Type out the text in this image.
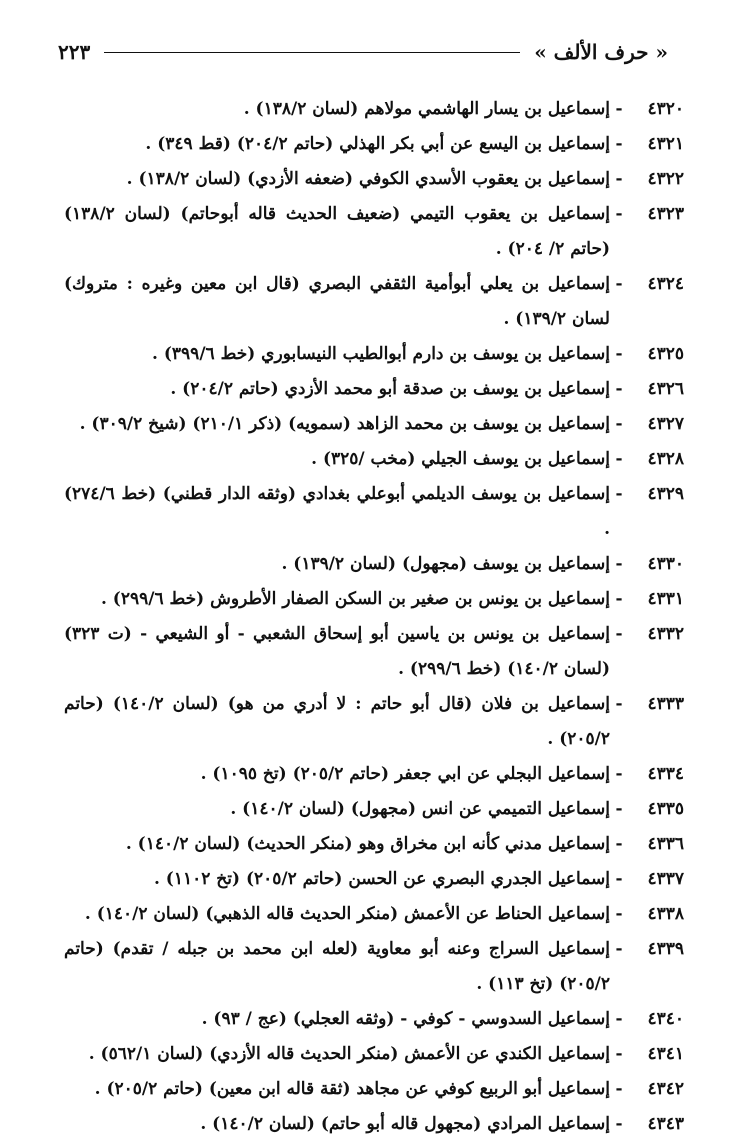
« حرف الألف »
٢٢٣
٤٣٢٠
-
إسماعيل بن يسار الهاشمي مولاهم (لسان ١٣٨/٢) .
٤٣٢١
-
إسماعيل بن اليسع عن أبي بكر الهذلي (حاتم ٢٠٤/٢) (قط ٣٤٩) .
٤٣٢٢
-
إسماعيل بن يعقوب الأسدي الكوفي (ضعفه الأزدي) (لسان ١٣٨/٢) .
٤٣٢٣
-
إسماعيل بن يعقوب التيمي (ضعيف الحديث قاله أبوحاتم) (لسان ١٣٨/٢) (حاتم ٢/ ٢٠٤) .
٤٣٢٤
-
إسماعيل بن يعلي أبوأمية الثقفي البصري (قال ابن معين وغيره : متروك) لسان ١٣٩/٢) .
٤٣٢٥
-
إسماعيل بن يوسف بن دارم أبوالطيب النيسابوري (خط ٣٩٩/٦) .
٤٣٢٦
-
إسماعيل بن يوسف بن صدقة أبو محمد الأزدي (حاتم ٢٠٤/٢) .
٤٣٢٧
-
إسماعيل بن يوسف بن محمد الزاهد (سمويه) (ذكر ٢١٠/١) (شيخ ٣٠٩/٢) .
٤٣٢٨
-
إسماعيل بن يوسف الجيلي (مخب /٣٢٥) .
٤٣٢٩
-
إسماعيل بن يوسف الديلمي أبوعلي بغدادي (وثقه الدار قطني) (خط ٢٧٤/٦) .
٤٣٣٠
-
إسماعيل بن يوسف (مجهول) (لسان ١٣٩/٢) .
٤٣٣١
-
إسماعيل بن يونس بن صغير بن السكن الصفار الأطروش (خط ٢٩٩/٦) .
٤٣٣٢
-
إسماعيل بن يونس بن ياسين أبو إسحاق الشعبي - أو الشيعي - (ت ٣٢٣) (لسان ١٤٠/٢) (خط ٢٩٩/٦) .
٤٣٣٣
-
إسماعيل بن فلان (قال أبو حاتم : لا أدري من هو) (لسان ١٤٠/٢) (حاتم ٢٠٥/٢) .
٤٣٣٤
-
إسماعيل البجلي عن ابي جعفر (حاتم ٢٠٥/٢) (تخ ١٠٩٥) .
٤٣٣٥
-
إسماعيل التميمي عن انس (مجهول) (لسان ١٤٠/٢) .
٤٣٣٦
-
إسماعيل مدني كأنه ابن مخراق وهو (منكر الحديث) (لسان ١٤٠/٢) .
٤٣٣٧
-
إسماعيل الجدري البصري عن الحسن (حاتم ٢٠٥/٢) (تخ ١١٠٢) .
٤٣٣٨
-
إسماعيل الحناط عن الأعمش (منكر الحديث قاله الذهبي) (لسان ١٤٠/٢) .
٤٣٣٩
-
إسماعيل السراج وعنه أبو معاوية (لعله ابن محمد بن جبله / تقدم) (حاتم ٢٠٥/٢) (تخ ١١٣) .
٤٣٤٠
-
إسماعيل السدوسي - كوفي - (وثقه العجلي) (عج / ٩٣) .
٤٣٤١
-
إسماعيل الكندي عن الأعمش (منكر الحديث قاله الأزدي) (لسان ٥٦٢/١) .
٤٣٤٢
-
إسماعيل أبو الربيع كوفي عن مجاهد (ثقة قاله ابن معين) (حاتم ٢٠٥/٢) .
٤٣٤٣
-
إسماعيل المرادي (مجهول قاله أبو حاتم) (لسان ١٤٠/٢) .
